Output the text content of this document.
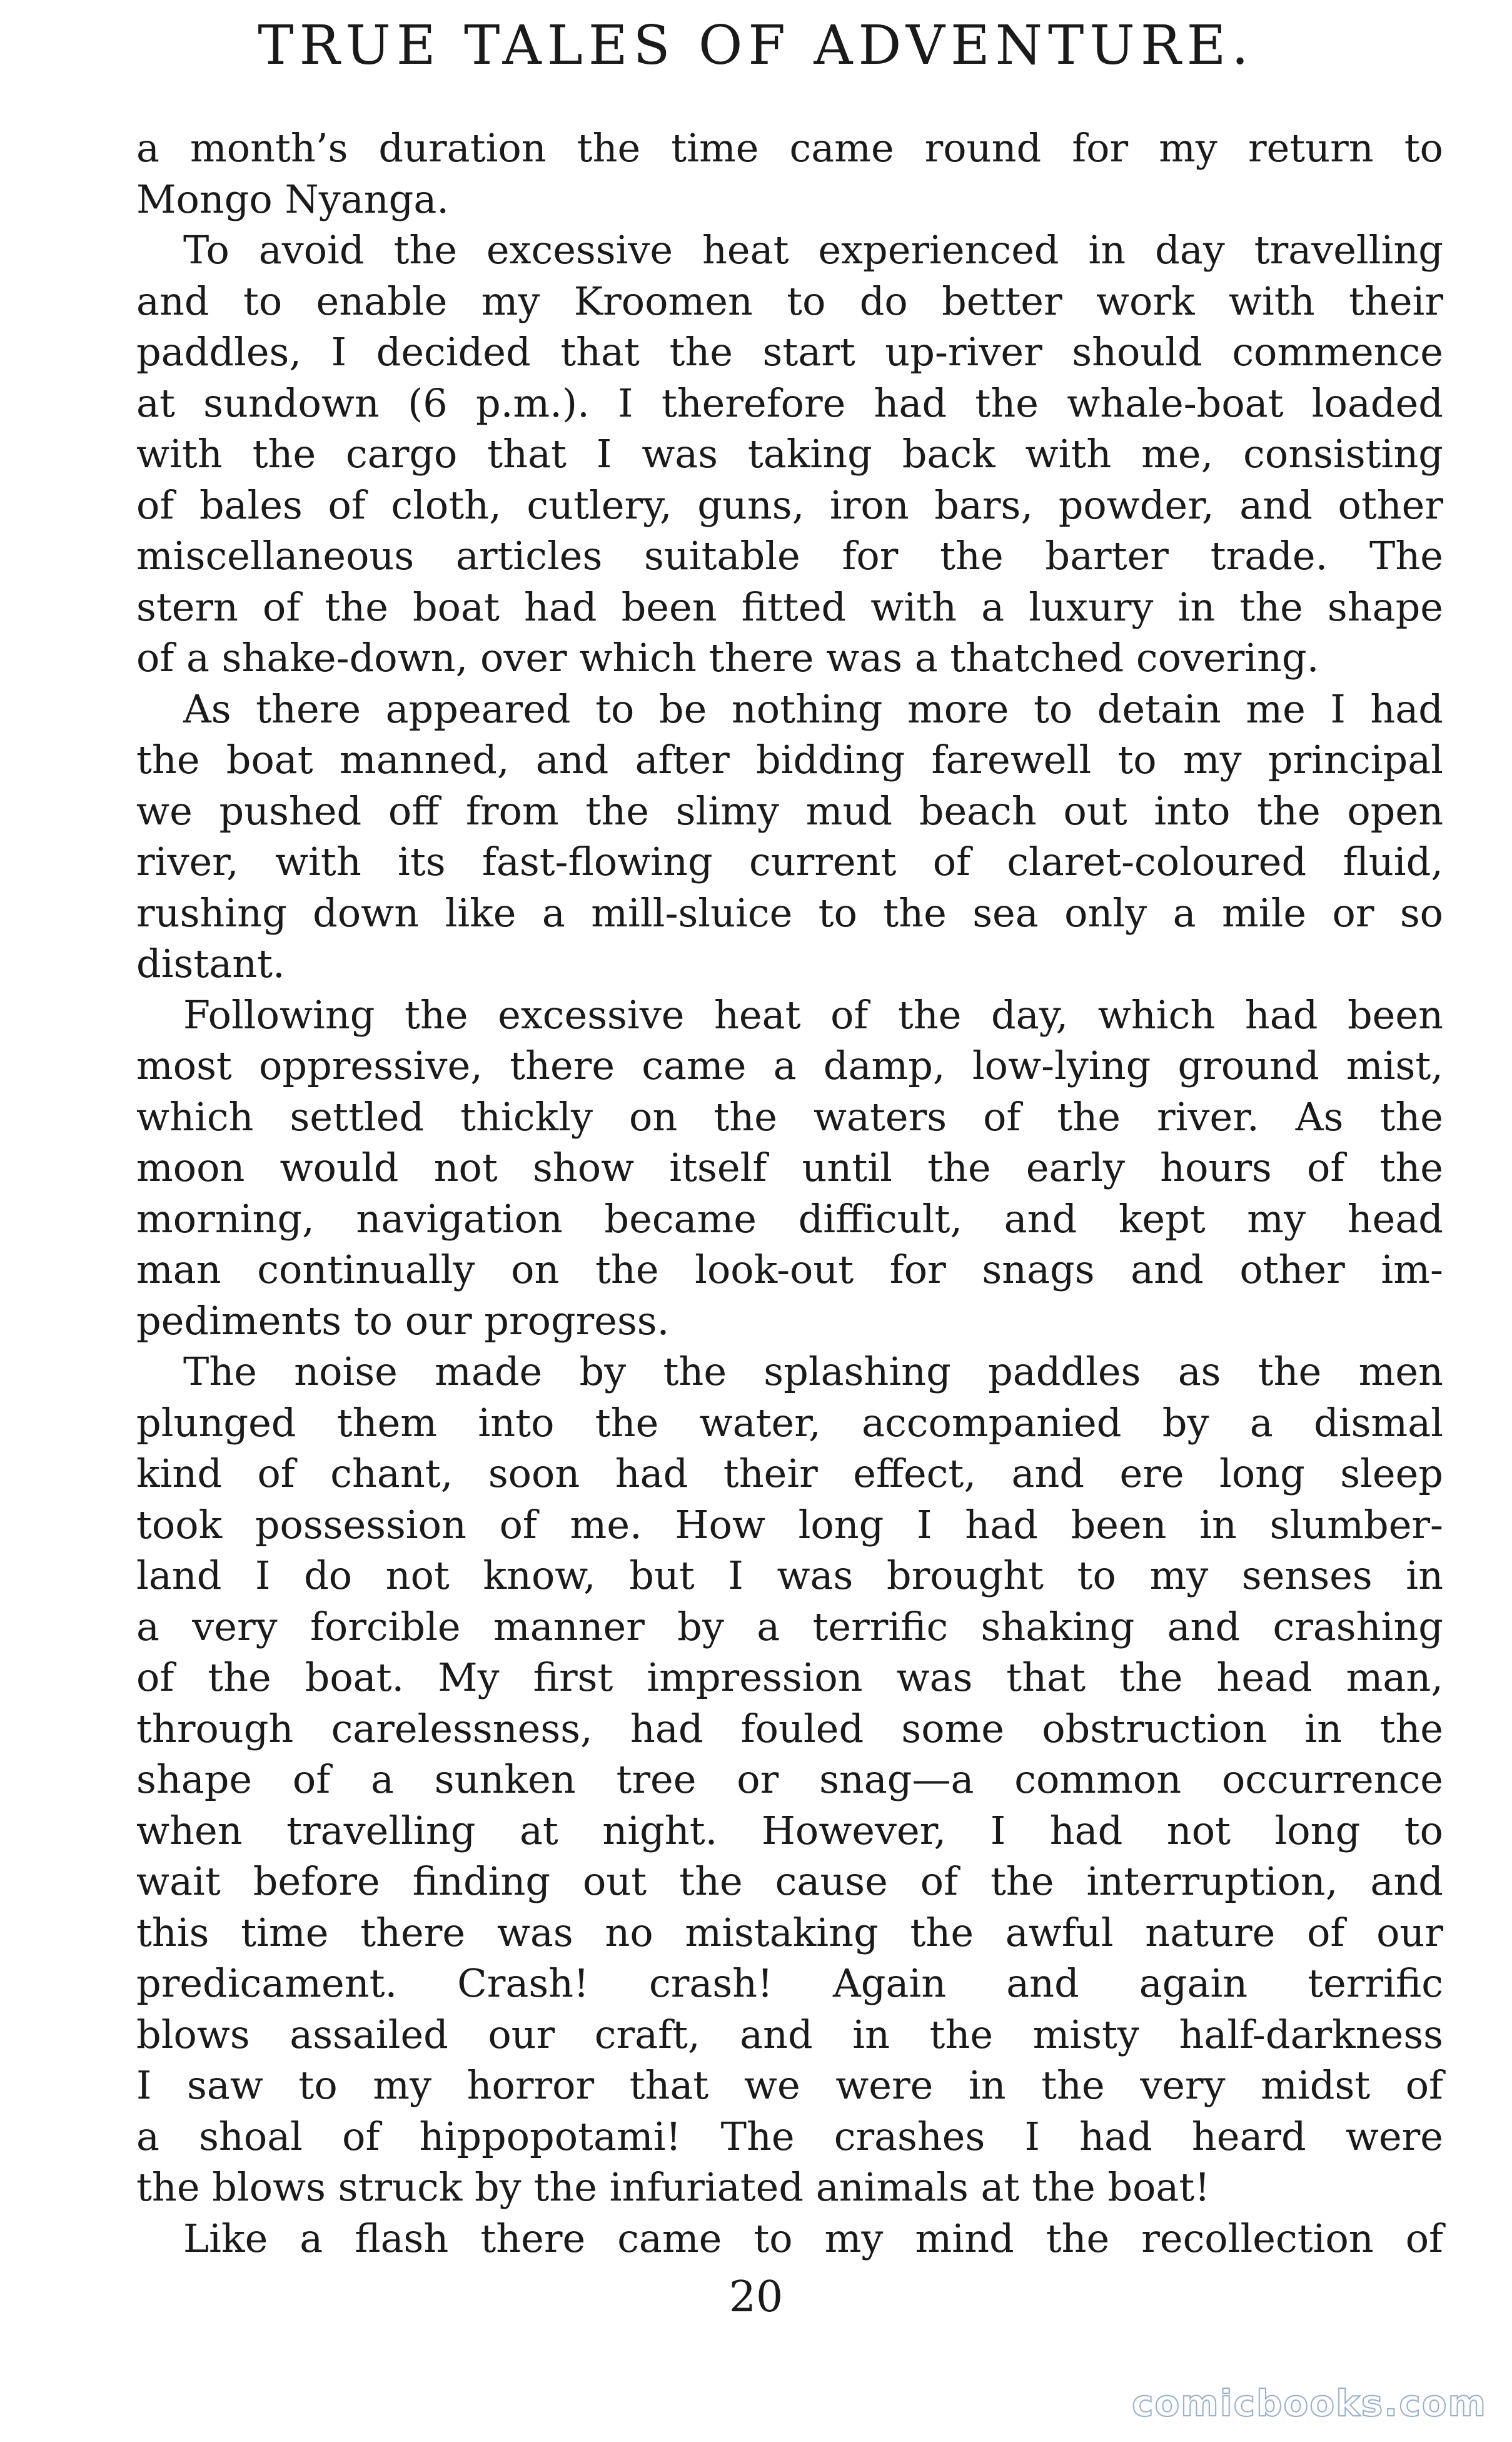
TRUE TALES OF ADVENTURE.
a month’s duration the time came round for my return to
Mongo Nyanga.
To avoid the excessive heat experienced in day travelling
and to enable my Kroomen to do better work with their
paddles, I decided that the start up-river should commence
at sundown (6 p.m.). I therefore had the whale-boat loaded
with the cargo that I was taking back with me, consisting
of bales of cloth, cutlery, guns, iron bars, powder, and other
miscellaneous articles suitable for the barter trade. The
stern of the boat had been fitted with a luxury in the shape
of a shake-down, over which there was a thatched covering.
As there appeared to be nothing more to detain me I had
the boat manned, and after bidding farewell to my principal
we pushed off from the slimy mud beach out into the open
river, with its fast-flowing current of claret-coloured fluid,
rushing down like a mill-sluice to the sea only a mile or so
distant.
Following the excessive heat of the day, which had been
most oppressive, there came a damp, low-lying ground mist,
which settled thickly on the waters of the river. As the
moon would not show itself until the early hours of the
morning, navigation became difficult, and kept my head
man continually on the look-out for snags and other im-
pediments to our progress.
The noise made by the splashing paddles as the men
plunged them into the water, accompanied by a dismal
kind of chant, soon had their effect, and ere long sleep
took possession of me. How long I had been in slumber-
land I do not know, but I was brought to my senses in
a very forcible manner by a terrific shaking and crashing
of the boat. My first impression was that the head man,
through carelessness, had fouled some obstruction in the
shape of a sunken tree or snag—a common occurrence
when travelling at night. However, I had not long to
wait before finding out the cause of the interruption, and
this time there was no mistaking the awful nature of our
predicament. Crash! crash! Again and again terrific
blows assailed our craft, and in the misty half-darkness
I saw to my horror that we were in the very midst of
a shoal of hippopotami! The crashes I had heard were
the blows struck by the infuriated animals at the boat!
Like a flash there came to my mind the recollection of
20
comicbooks.com
